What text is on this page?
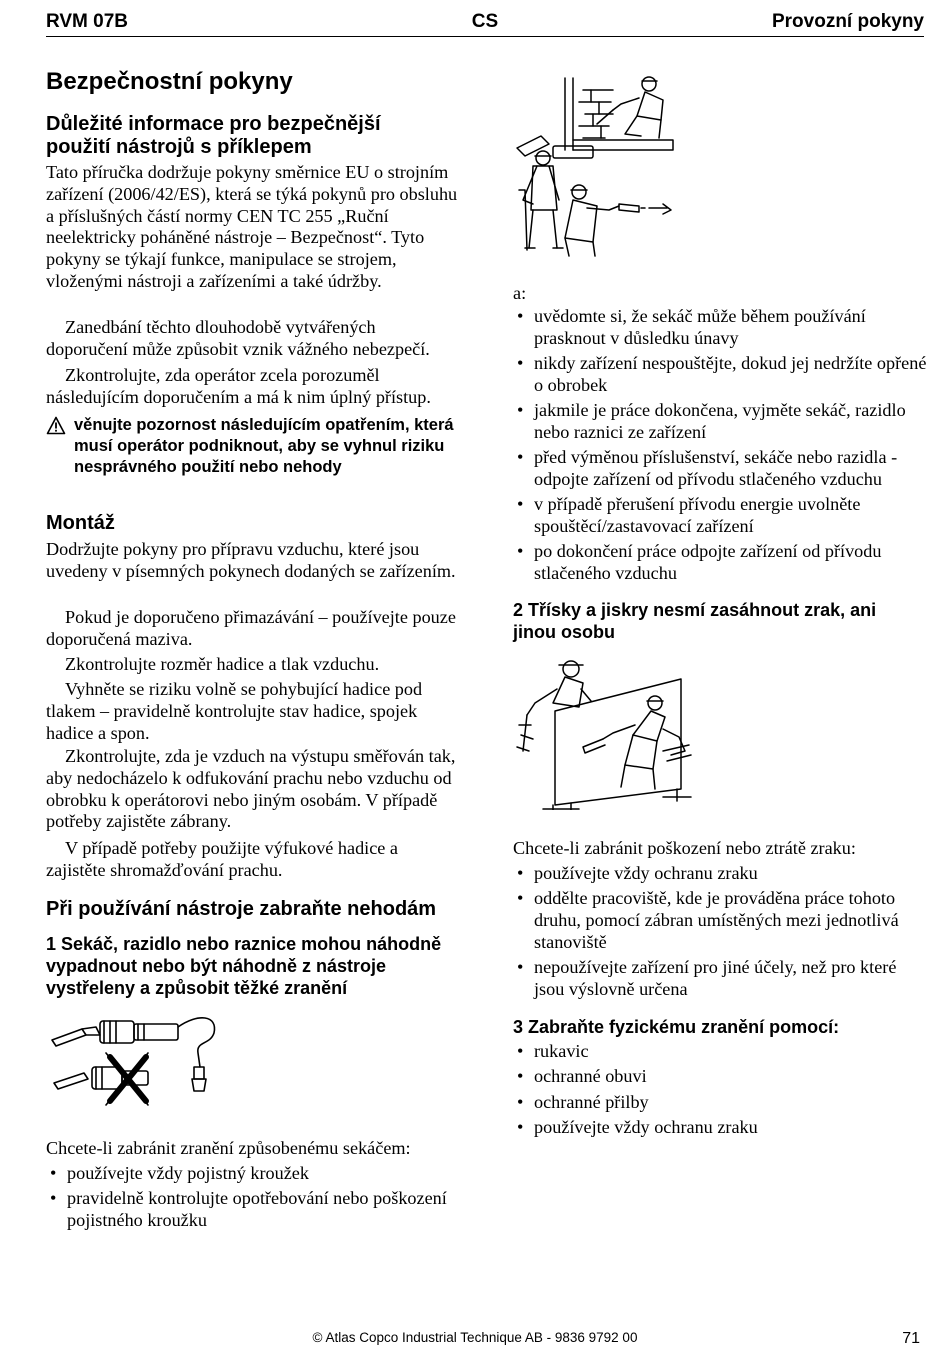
RVM 07B	CS	Provozní pokyny
Bezpečnostní pokyny
Důležité informace pro bezpečnější použití nástrojů s příklepem

Tato příručka dodržuje pokyny směrnice EU o strojním zařízení (2006/42/ES), která se týká pokynů pro obsluhu a příslušných částí normy CEN TC 255 „Ruční neelektricky poháněné nástroje – Bezpečnost“. Tyto pokyny se týkají funkce, manipulace se strojem, vloženými nástroji a zařízeními a také údržby.

Zanedbání těchto dlouhodobě vytvářených doporučení může způsobit vznik vážného nebezpečí.

Zkontrolujte, zda operátor zcela porozuměl následujícím doporučením a má k nim úplný přístup.

věnujte pozornost následujícím opatřením, která musí operátor podniknout, aby se vyhnul riziku nesprávného použití nebo nehody
Montáž

Dodržujte pokyny pro přípravu vzduchu, které jsou uvedeny v písemných pokynech dodaných se zařízením.

Pokud je doporučeno přimazávání – používejte pouze doporučená maziva.

Zkontrolujte rozměr hadice a tlak vzduchu.

Vyhněte se riziku volně se pohybující hadice pod tlakem – pravidelně kontrolujte stav hadice, spojek hadice a spon.

Zkontrolujte, zda je vzduch na výstupu směřován tak, aby nedocházelo k odfukování prachu nebo vzduchu od obrobku k operátorovi nebo jiným osobám. V případě potřeby zajistěte zábrany.

V případě potřeby použijte výfukové hadice a zajistěte shromažďování prachu.

Při používání nástroje zabraňte nehodám
1 Sekáč, razidlo nebo raznice mohou náhodně vypadnout nebo být náhodně z nástroje vystřeleny a způsobit těžké zranění

Chcete-li zabránit zranění způsobenému sekáčem:

• používejte vždy pojistný kroužek
• pravidelně kontrolujte opotřebování nebo poškození pojistného kroužku

a:

• uvědomte si, že sekáč může během používání prasknout v důsledku únavy
• nikdy zařízení nespouštějte, dokud jej nedržíte opřené o obrobek
• jakmile je práce dokončena, vyjměte sekáč, razidlo nebo raznici ze zařízení
• před výměnou příslušenství, sekáče nebo razidla - odpojte zařízení od přívodu stlačeného vzduchu
• v případě přerušení přívodu energie uvolněte spouštěcí/zastavovací zařízení
• po dokončení práce odpojte zařízení od přívodu stlačeného vzduchu
2 Třísky a jiskry nesmí zasáhnout zrak, ani jinou osobu

Chcete-li zabránit poškození nebo ztrátě zraku:

• používejte vždy ochranu zraku
• oddělte pracoviště, kde je prováděna práce tohoto druhu, pomocí zábran umístěných mezi jednotlivá stanoviště
• nepoužívejte zařízení pro jiné účely, než pro které jsou výslovně určena
3 Zabraňte fyzickému zranění pomocí:
• rukavic
• ochranné obuvi
• ochranné přilby
• používejte vždy ochranu zraku
© Atlas Copco Industrial Technique AB - 9836 9792 00	71
